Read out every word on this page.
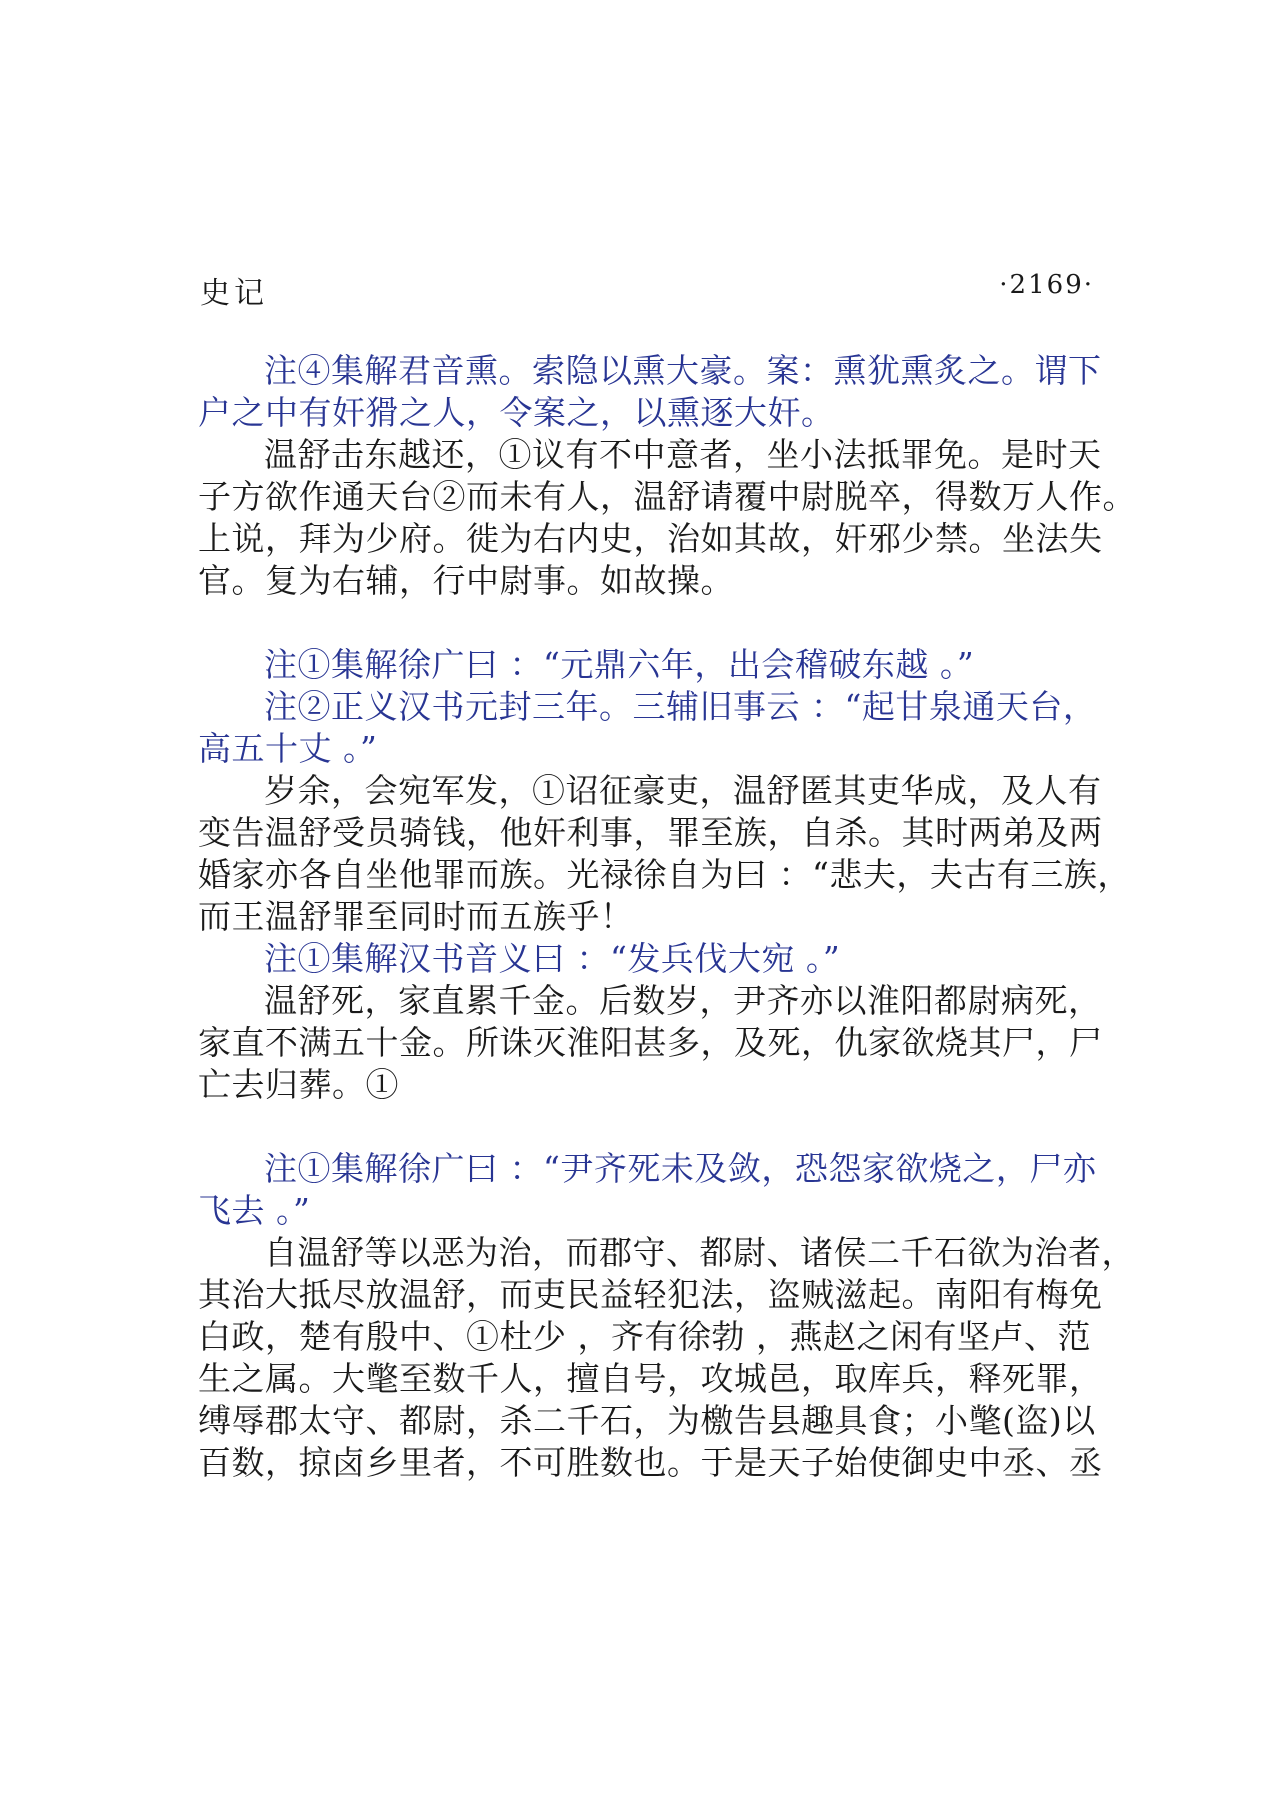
史记	·2169·
注④集解君音熏。索隐以熏大豪。案：熏犹熏炙之。谓下
户之中有奸猾之人，令案之，以熏逐大奸。
温舒击东越还，①议有不中意者，坐小法抵罪免。是时天
子方欲作通天台②而未有人，温舒请覆中尉脱卒，得数万人作。
上说，拜为少府。徙为右内史，治如其故，奸邪少禁。坐法失
官。复为右辅，行中尉事。如故操。
注①集解徐广曰 ：“元鼎六年，出会稽破东越 。”
注②正义汉书元封三年。三辅旧事云 ：“起甘泉通天台，
高五十丈 。”
岁余，会宛军发，①诏征豪吏，温舒匿其吏华成，及人有
变告温舒受员骑钱，他奸利事，罪至族，自杀。其时两弟及两
婚家亦各自坐他罪而族。光禄徐自为曰 ：“悲夫，夫古有三族，
而王温舒罪至同时而五族乎！
注①集解汉书音义曰 ：“发兵伐大宛 。”
温舒死，家直累千金。后数岁，尹齐亦以淮阳都尉病死，
家直不满五十金。所诛灭淮阳甚多，及死，仇家欲烧其尸，尸
亡去归葬。①
注①集解徐广曰 ：“尹齐死未及敛，恐怨家欲烧之，尸亦
飞去 。”
自温舒等以恶为治，而郡守、都尉、诸侯二千石欲为治者，
其治大抵尽放温舒，而吏民益轻犯法，盗贼滋起。南阳有梅免
白政，楚有殷中、①杜少 ，齐有徐勃 ，燕赵之闲有坚卢、范
生之属。大氅至数千人，擅自号，攻城邑，取库兵，释死罪，
缚辱郡太守、都尉，杀二千石，为檄告县趣具食；小氅(盗)以
百数，掠卤乡里者，不可胜数也。于是天子始使御史中丞、丞
